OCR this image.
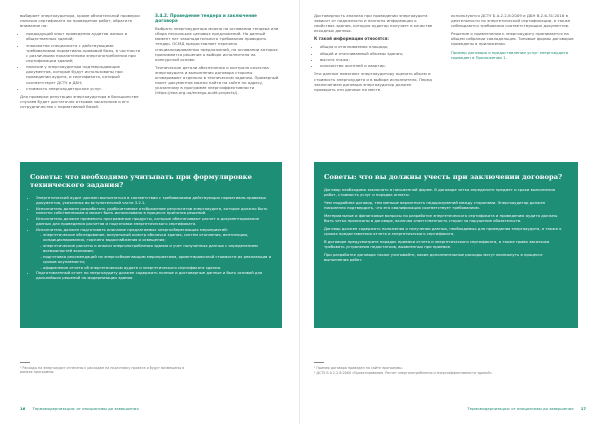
выбирает энергоаудитора, кроме обязательной проверки наличия сертификата на проведение работ, обратите внимание на:

• предыдущий опыт проведения аудитов жилых и общественных зданий;
• знакомство специалиста с действующими требованиями нормативно-правовой базы, в частности с различными показателями энергопотребления при сертификации зданий;
• наличие у энергоаудитора подтверждающих документов, которые будут использованы при проведении аудита, и сертификата, который соответствует ДСТУ и ДБН;
• стоимость энергоаудиторских услуг.

Для проверки репутации энергоаудитора в большинстве случаев будет достаточно отзывов заказчиков и его сотрудничества с нормативной базой.

3.4.2. Проведение тендера и заключение договора

Выбрать энергоаудитора можно на основании тендера или сбора нескольких ценовых предложений. На данный момент нет законодательного требования проводить тендер. ОСМД предоставляет перечень специализированных предложений, на основании которых принимается решение о выборе исполнителя на конкурсной основе.

Технические детали обеспечения и контроля качества энергоаудита и выполнения договора стороны оговаривают отдельно в техническом задании. Примерный пакет документов можно найти на сайте по адресу, указанному в программе энергоэффективности (https://eea.org.ua/energo-audit-projects/).

Советы: что необходимо учитывать при формулировке технического задания?
• Энергетический аудит должен выполняться в соответствии с требованиями действующих нормативно-правовых документов, указанных во вступительной части 3.2.1.
• Исполнитель должен разработать удобочитаемое отображение результатов энергоаудита, которое должно быть понятно собственникам и может быть использовано в процессе принятия решений.
• Исполнитель должен применить программные продукты, которые обеспечивают расчет и документирование данных для проведения расчетов и подготовки энергетического сертификата.
• Исполнитель должен подготовить описание предлагаемых энергосберегающих мероприятий:
◦ энергетическое обследование, визуальный осмотр оболочки здания, систем отопления, вентиляции, кондиционирования, горячего водоснабжения и освещения;
◦ энергетические расчеты и анализ энергопотребления здания и учет полученных данных с определением возможностей экономии;
◦ подготовка рекомендаций по энергосберегающим мероприятиям, ориентировочной стоимости их реализации и сроков окупаемости;
◦ оформление отчета об энергетическом аудите и энергетического сертификата здания.
• Подготовленный отчет по энергоаудиту должен содержать полные и достоверные данные и быть основой для дальнейших решений по модернизации здания.
¹ Расходы на энергоаудит отнесены к расходам на подготовку проекта и будут возмещены в рамках программы.
16 Термомодернизация: от инициативы до завершения

Достоверность анализа при проведении энергоаудита зависит от надежности и полноты информации о свойствах здания, которую аудитор получает в качестве исходных данных.

К такой информации относятся:
• общая и отапливаемая площадь;
• общий и отапливаемый объемы здания;
• высота этажа;
• количество жителей и квартир.

Эти данные помогают энергоаудитору оценить объем и стоимость энергоаудита и в выборе исполнителя. Перед заключением договора энергоаудитор должен проверить эти данные на месте.

используются ДСТУ Б А.2.2-8:2009 и ДБН В.2.6-31:2016 в деятельности по энергетической сертификации, а также соблюдаются требования соответствующих документов.

Решение о привлечении к энергоаудиту принимается на общем собрании совладельцев. Типовые формы договоров приведены в приложении.

Пример договора о предоставлении услуг энергоаудита приведен в Приложении 1.

Советы: что вы должны учесть при заключении договора?

Договор необходимо заключать в письменной форме. В договоре четко определите предмет и сроки выполнения работ, стоимость услуг и порядок оплаты.

Чем подробнее договор, тем меньше вероятность недоразумений между сторонами. Энергоаудитор должен письменно подтвердить, что его квалификация соответствует требованиям.

Материальные и финансовые вопросы по разработке энергетического сертификата и проведению аудита должны быть четко прописаны в договоре, включая ответственность сторон за нарушение обязательств.

Договор должен содержать положения о получении данных, необходимых для проведения энергоаудита, а также о сроках предоставления отчета и энергетического сертификата.

В договоре предусмотрите порядок приемки отчета и энергетического сертификата, а также право заказчика требовать устранения недостатков, выявленных при приемке.

При разработке договора также учитывайте, какие дополнительные расходы могут возникнуть в процессе выполнения работ.

¹ Пример договора приведен на сайте программы.
² ДСТУ Б А.2.2-8:2009 «Проектирование. Расчет энергопотребления и энергоэффективности зданий».
Термомодернизация: от инициативы до завершения 17
